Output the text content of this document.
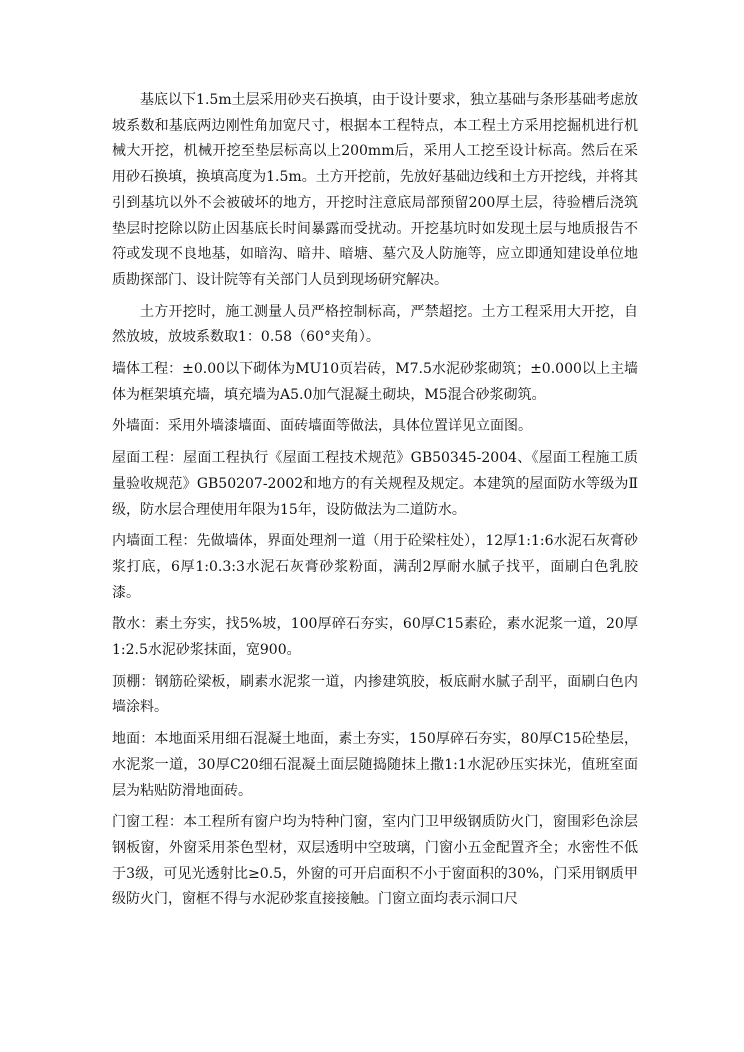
基底以下1.5m土层采用砂夹石换填，由于设计要求，独立基础与条形基础考虑放坡系数和基底两边刚性角加宽尺寸，根据本工程特点，本工程土方采用挖掘机进行机械大开挖，机械开挖至垫层标高以上200mm后，采用人工挖至设计标高。然后在采用砂石换填，换填高度为1.5m。土方开挖前，先放好基础边线和土方开挖线，并将其引到基坑以外不会被破坏的地方，开挖时注意底局部预留200厚土层，待验槽后浇筑垫层时挖除以防止因基底长时间暴露而受扰动。开挖基坑时如发现土层与地质报告不符或发现不良地基，如暗沟、暗井、暗塘、墓穴及人防施等，应立即通知建设单位地质勘探部门、设计院等有关部门人员到现场研究解决。

土方开挖时，施工测量人员严格控制标高，严禁超挖。土方工程采用大开挖，自然放坡，放坡系数取1：0.58（60°夹角）。

墙体工程：±0.00以下砌体为MU10页岩砖，M7.5水泥砂浆砌筑；±0.000以上主墙体为框架填充墙，填充墙为A5.0加气混凝土砌块，M5混合砂浆砌筑。

外墙面：采用外墙漆墙面、面砖墙面等做法，具体位置详见立面图。

屋面工程：屋面工程执行《屋面工程技术规范》GB50345-2004、《屋面工程施工质量验收规范》GB50207-2002和地方的有关规程及规定。本建筑的屋面防水等级为Ⅱ级，防水层合理使用年限为15年，设防做法为二道防水。

内墙面工程：先做墙体，界面处理剂一道（用于砼梁柱处），12厚1:1:6水泥石灰膏砂浆打底，6厚1:0.3:3水泥石灰膏砂浆粉面，满刮2厚耐水腻子找平，面刷白色乳胶漆。

散水：素土夯实，找5%坡，100厚碎石夯实，60厚C15素砼，素水泥浆一道，20厚1:2.5水泥砂浆抹面，宽900。

顶棚：钢筋砼梁板，刷素水泥浆一道，内掺建筑胶，板底耐水腻子刮平，面刷白色内墙涂料。

地面：本地面采用细石混凝土地面，素土夯实，150厚碎石夯实，80厚C15砼垫层，水泥浆一道，30厚C20细石混凝土面层随捣随抹上撒1:1水泥砂压实抹光，值班室面层为粘贴防滑地面砖。

门窗工程：本工程所有窗户均为特种门窗，室内门卫甲级钢质防火门，窗围彩色涂层钢板窗，外窗采用茶色型材，双层透明中空玻璃，门窗小五金配置齐全；水密性不低于3级，可见光透射比≥0.5，外窗的可开启面积不小于窗面积的30%，门采用钢质甲级防火门，窗框不得与水泥砂浆直接接触。门窗立面均表示洞口尺
